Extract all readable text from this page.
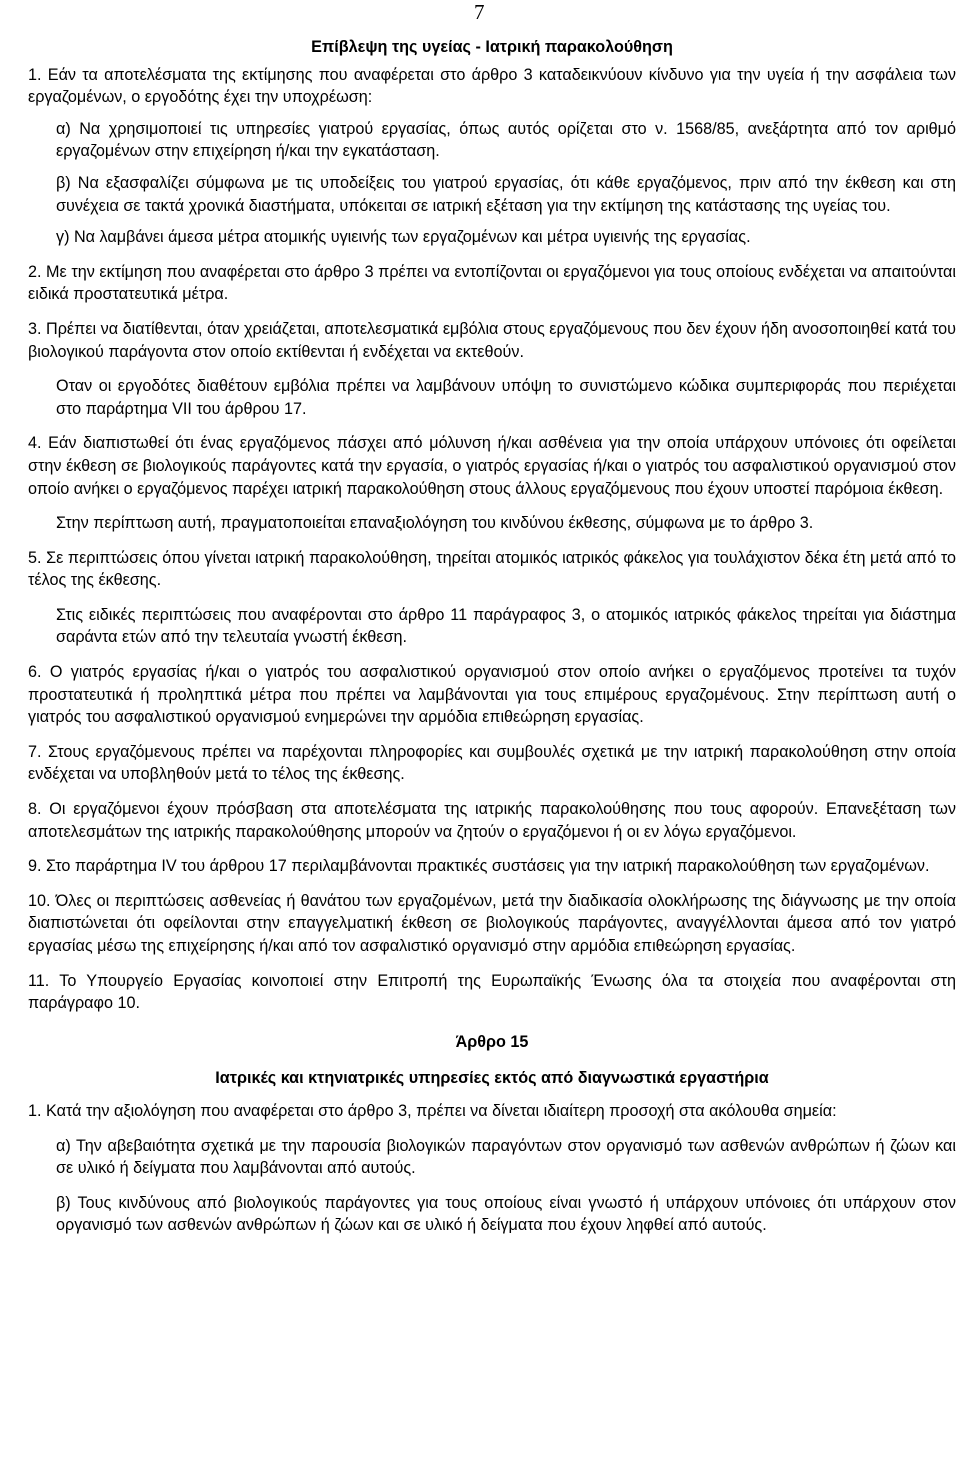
7

Επίβλεψη της υγείας - Ιατρική παρακολούθηση

1. Εάν τα αποτελέσματα της εκτίμησης που αναφέρεται στο άρθρο 3 καταδεικνύουν κίνδυνο για την υγεία ή την ασφάλεια των εργαζομένων, ο εργοδότης έχει την υποχρέωση:

α) Να χρησιμοποιεί τις υπηρεσίες γιατρού εργασίας, όπως αυτός ορίζεται στο ν. 1568/85, ανεξάρτητα από τον αριθμό εργαζομένων στην επιχείρηση ή/και την εγκατάσταση.

β) Να εξασφαλίζει σύμφωνα με τις υποδείξεις του γιατρού εργασίας, ότι κάθε εργαζόμενος, πριν από την έκθεση και στη συνέχεια σε τακτά χρονικά διαστήματα, υπόκειται σε ιατρική εξέταση για την εκτίμηση της κατάστασης της υγείας του.

γ) Να λαμβάνει άμεσα μέτρα ατομικής υγιεινής των εργαζομένων και μέτρα υγιεινής της εργασίας.

2. Με την εκτίμηση που αναφέρεται στο άρθρο 3 πρέπει να εντοπίζονται οι εργαζόμενοι για τους οποίους ενδέχεται να απαιτούνται ειδικά προστατευτικά μέτρα.

3. Πρέπει να διατίθενται, όταν χρειάζεται, αποτελεσματικά εμβόλια στους εργαζόμενους που δεν έχουν ήδη ανοσοποιηθεί κατά του βιολογικού παράγοντα στον οποίο εκτίθενται ή ενδέχεται να εκτεθούν.

Οταν οι εργοδότες διαθέτουν εμβόλια πρέπει να λαμβάνουν υπόψη το συνιστώμενο κώδικα συμπεριφοράς που περιέχεται στο παράρτημα VII του άρθρου 17.

4. Εάν διαπιστωθεί ότι ένας εργαζόμενος πάσχει από μόλυνση ή/και ασθένεια για την οποία υπάρχουν υπόνοιες ότι οφείλεται στην έκθεση σε βιολογικούς παράγοντες κατά την εργασία, ο γιατρός εργασίας ή/και ο γιατρός του ασφαλιστικού οργανισμού στον οποίο ανήκει ο εργαζόμενος παρέχει ιατρική παρακολούθηση στους άλλους εργαζόμενους που έχουν υποστεί παρόμοια έκθεση.

Στην περίπτωση αυτή, πραγματοποιείται επαναξιολόγηση του κινδύνου έκθεσης, σύμφωνα με το άρθρο 3.

5. Σε περιπτώσεις όπου γίνεται ιατρική παρακολούθηση, τηρείται ατομικός ιατρικός φάκελος για τουλάχιστον δέκα έτη μετά από το τέλος της έκθεσης.

Στις ειδικές περιπτώσεις που αναφέρονται στο άρθρο 11 παράγραφος 3, ο ατομικός ιατρικός φάκελος τηρείται για διάστημα σαράντα ετών από την τελευταία γνωστή έκθεση.

6. Ο γιατρός εργασίας ή/και ο γιατρός του ασφαλιστικού οργανισμού στον οποίο ανήκει ο εργαζόμενος προτείνει τα τυχόν προστατευτικά ή προληπτικά μέτρα που πρέπει να λαμβάνονται για τους επιμέρους εργαζομένους. Στην περίπτωση αυτή ο γιατρός του ασφαλιστικού οργανισμού ενημερώνει την αρμόδια επιθεώρηση εργασίας.

7. Στους εργαζόμενους πρέπει να παρέχονται πληροφορίες και συμβουλές σχετικά με την ιατρική παρακολούθηση στην οποία ενδέχεται να υποβληθούν μετά το τέλος της έκθεσης.

8. Οι εργαζόμενοι έχουν πρόσβαση στα αποτελέσματα της ιατρικής παρακολούθησης που τους αφορούν. Επανεξέταση των αποτελεσμάτων της ιατρικής παρακολούθησης μπορούν να ζητούν ο εργαζόμενοι ή οι εν λόγω εργαζόμενοι.

9. Στο παράρτημα IV του άρθρου 17 περιλαμβάνονται πρακτικές συστάσεις για την ιατρική παρακολούθηση των εργαζομένων.

10. Όλες οι περιπτώσεις ασθενείας ή θανάτου των εργαζομένων, μετά την διαδικασία ολοκλήρωσης της διάγνωσης με την οποία διαπιστώνεται ότι οφείλονται στην επαγγελματική έκθεση σε βιολογικούς παράγοντες, αναγγέλλονται άμεσα από τον γιατρό εργασίας μέσω της επιχείρησης ή/και από τον ασφαλιστικό οργανισμό στην αρμόδια επιθεώρηση εργασίας.

11. Το Υπουργείο Εργασίας κοινοποιεί στην Επιτροπή της Ευρωπαϊκής Ένωσης όλα τα στοιχεία που αναφέρονται στη παράγραφο 10.

Άρθρο 15

Ιατρικές και κτηνιατρικές υπηρεσίες εκτός από διαγνωστικά εργαστήρια

1. Κατά την αξιολόγηση που αναφέρεται στο άρθρο 3, πρέπει να δίνεται ιδιαίτερη προσοχή στα ακόλουθα σημεία:

α) Την αβεβαιότητα σχετικά με την παρουσία βιολογικών παραγόντων στον οργανισμό των ασθενών ανθρώπων ή ζώων και σε υλικό ή δείγματα που λαμβάνονται από αυτούς.

β) Τους κινδύνους από βιολογικούς παράγοντες για τους οποίους είναι γνωστό ή υπάρχουν υπόνοιες ότι υπάρχουν στον οργανισμό των ασθενών ανθρώπων ή ζώων και σε υλικό ή δείγματα που έχουν ληφθεί από αυτούς.
